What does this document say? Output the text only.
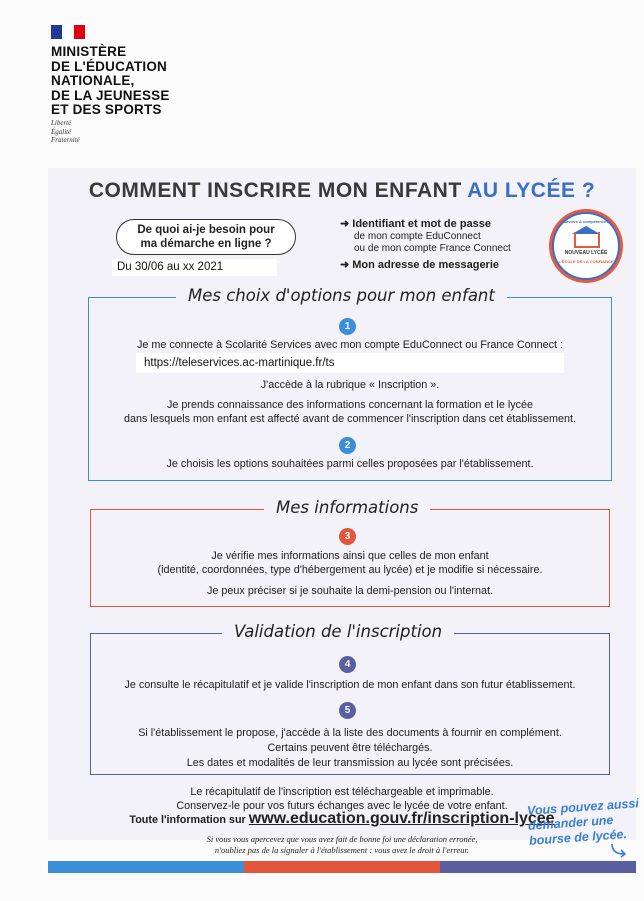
MINISTÈRE
DE L'ÉDUCATION
NATIONALE,
DE LA JEUNESSE
ET DES SPORTS
Liberté
Égalité
Fraternité
COMMENT INSCRIRE MON ENFANT AU LYCÉE ?
De quoi ai-je besoin pour
ma démarche en ligne ?
Du 30/06 au xx 2021
➜ Identifiant et mot de passe
de mon compte EduConnect
ou de mon compte France Connect
➜ Mon adresse de messagerie
NOUVEAU LYCÉE
L'ÉCOLE DE LA CONFIANCE
Savoirs & compétences
Mes choix d'options pour mon enfant
1
Je me connecte à Scolarité Services avec mon compte EduConnect ou France Connect :
https://teleservices.ac-martinique.fr/ts
J'accède à la rubrique « Inscription ».
Je prends connaissance des informations concernant la formation et le lycée
dans lesquels mon enfant est affecté avant de commencer l'inscription dans cet établissement.
2
Je choisis les options souhaitées parmi celles proposées par l'établissement.
Mes informations
3
Je vérifie mes informations ainsi que celles de mon enfant
(identité, coordonnées, type d'hébergement au lycée) et je modifie si nécessaire.
Je peux préciser si je souhaite la demi-pension ou l'internat.
Validation de l'inscription
4
Je consulte le récapitulatif et je valide l'inscription de mon enfant dans son futur établissement.
5
Si l'établissement le propose, j'accède à la liste des documents à fournir en complément.
Certains peuvent être téléchargés.
Les dates et modalités de leur transmission au lycée sont précisées.
Le récapitulatif de l'inscription est téléchargeable et imprimable.
Conservez-le pour vos futurs échanges avec le lycée de votre enfant.
Toute l'information sur www.education.gouv.fr/inscription-lycee
Si vous vous apercevez que vous avez fait de bonne foi une déclaration erronée,
n'oubliez pas de la signaler à l'établissement : vous avez le droit à l'erreur.
Vous pouvez aussi
demander une
bourse de lycée.
